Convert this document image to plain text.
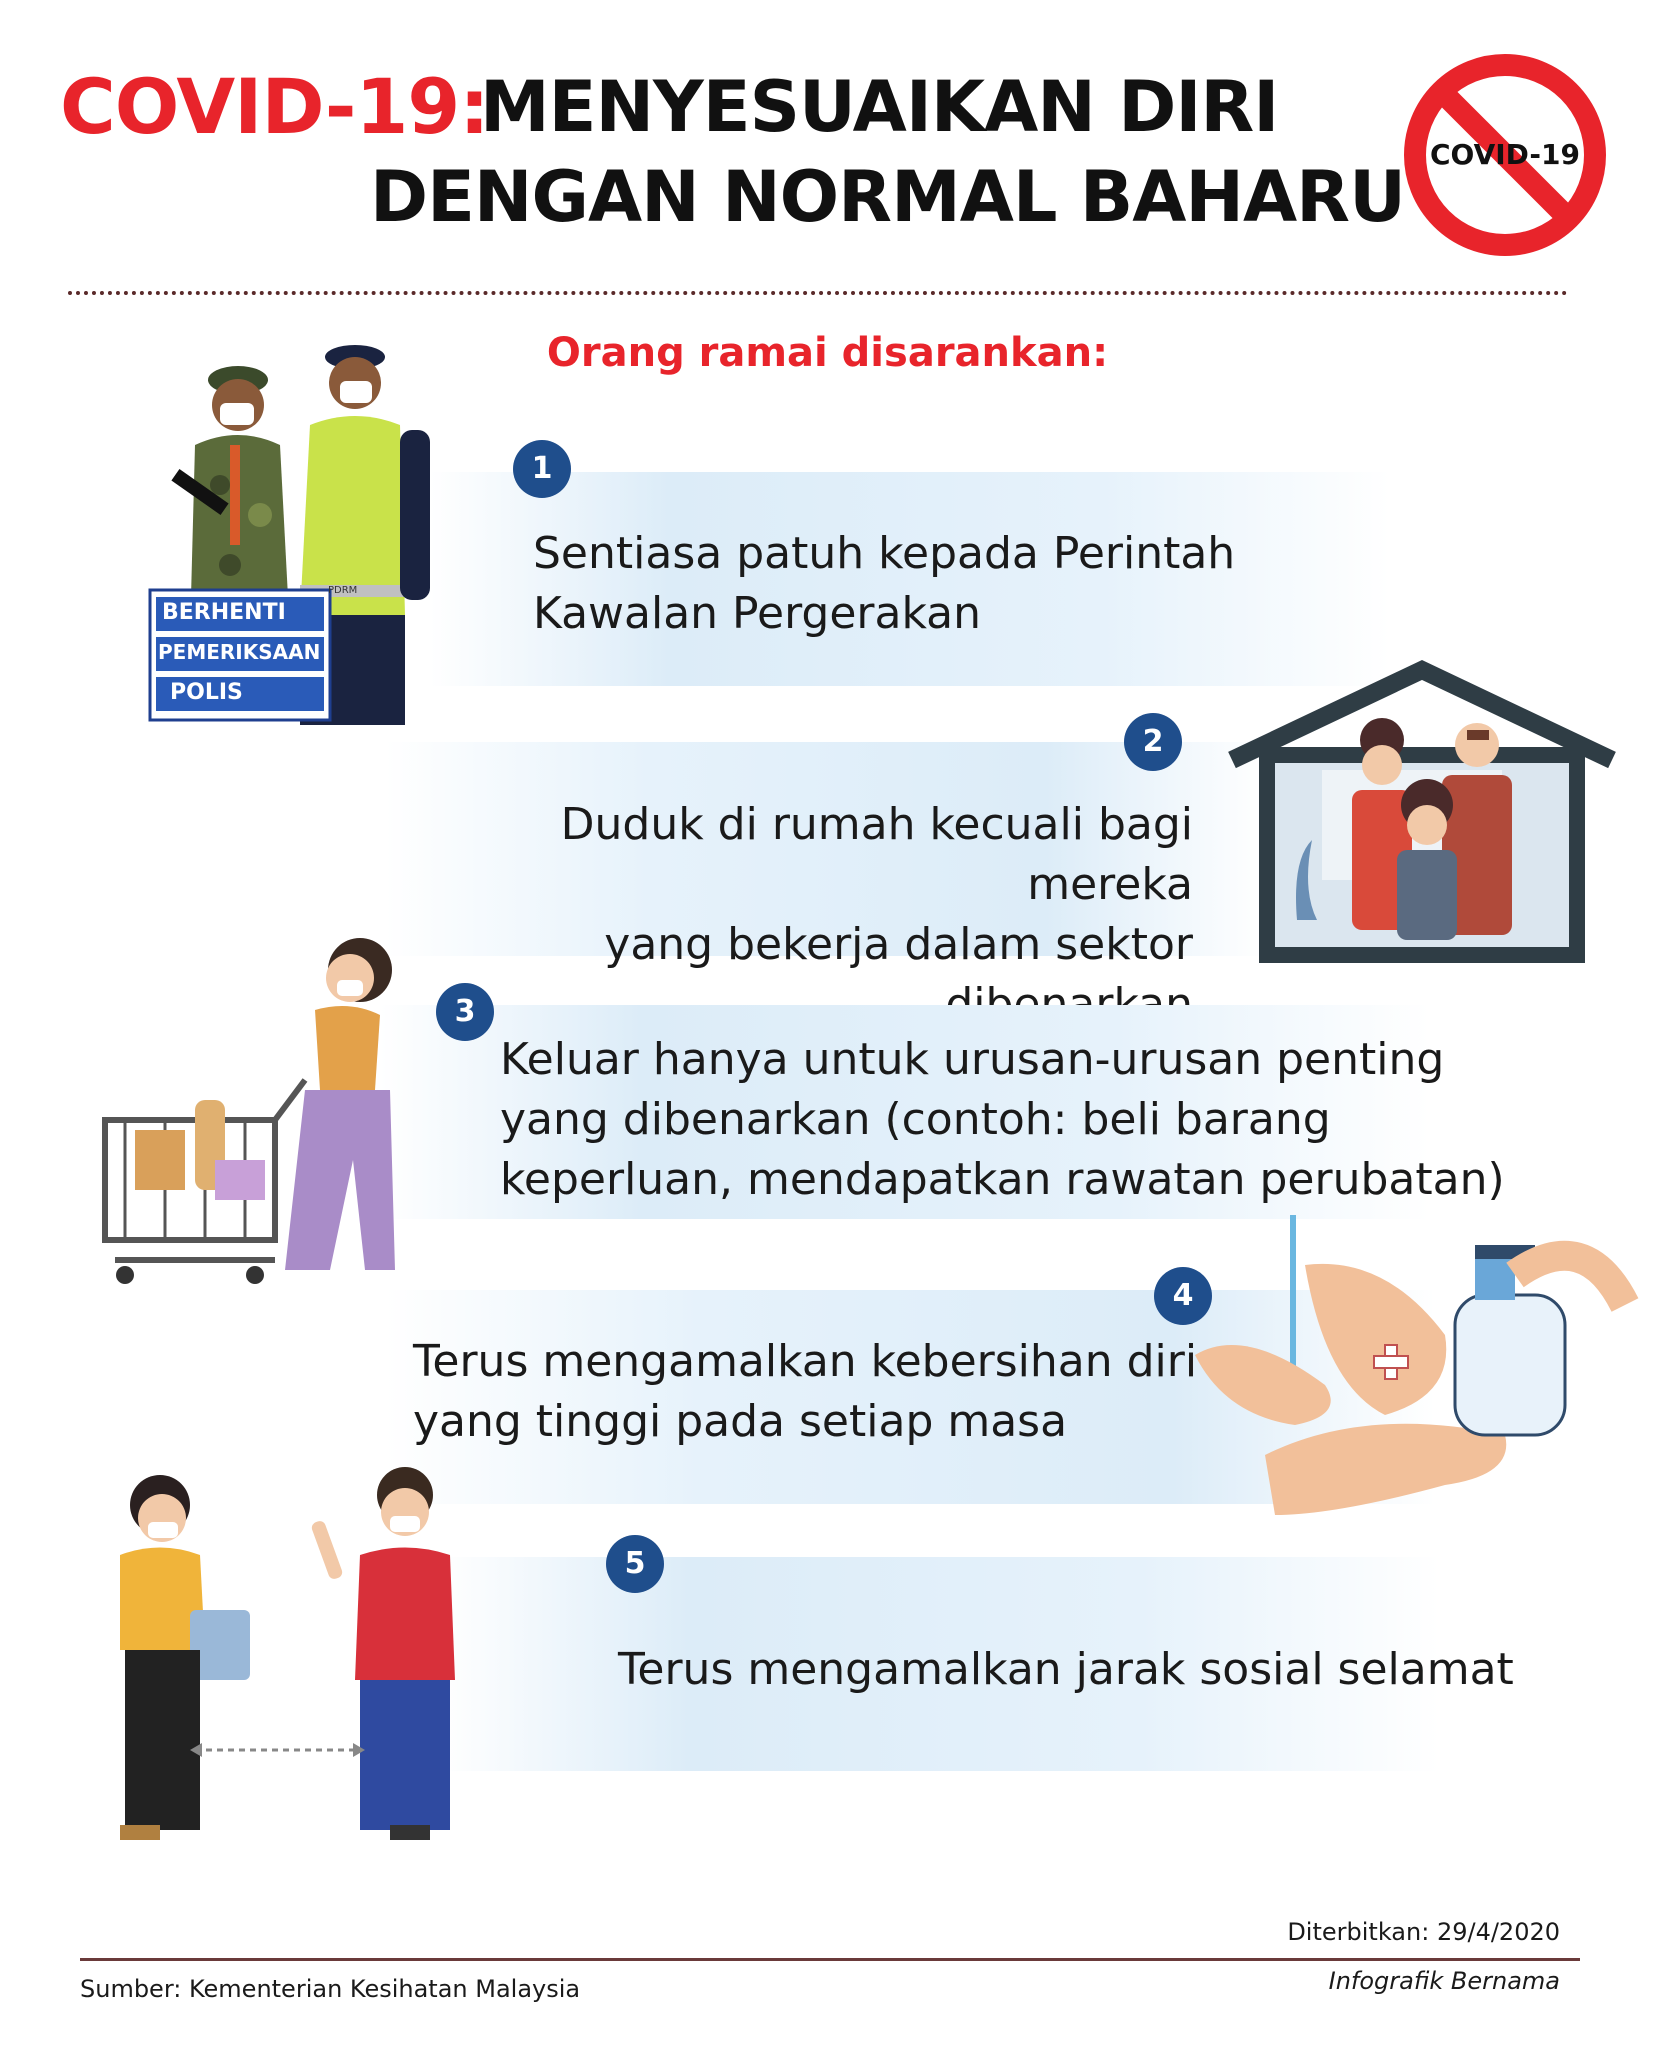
COVID-19:
MENYESUAIKAN DIRI
DENGAN NORMAL BAHARU
COVID-19
Orang ramai disarankan:
1
Sentiasa patuh kepada Perintah
Kawalan Pergerakan
BERHENTI
PEMERIKSAAN
POLIS
PDRM
2
Duduk di rumah kecuali bagi mereka
yang bekerja dalam sektor
3
Keluar hanya untuk urusan-urusan penting
yang dibenarkan (contoh: beli barang
keperluan, mendapatkan rawatan perubatan)
4
Terus mengamalkan kebersihan diri
yang tinggi pada setiap masa
5
Terus mengamalkan jarak sosial selamat
Diterbitkan: 29/4/2020
Sumber: Kementerian Kesihatan Malaysia	Infografik Bernama
